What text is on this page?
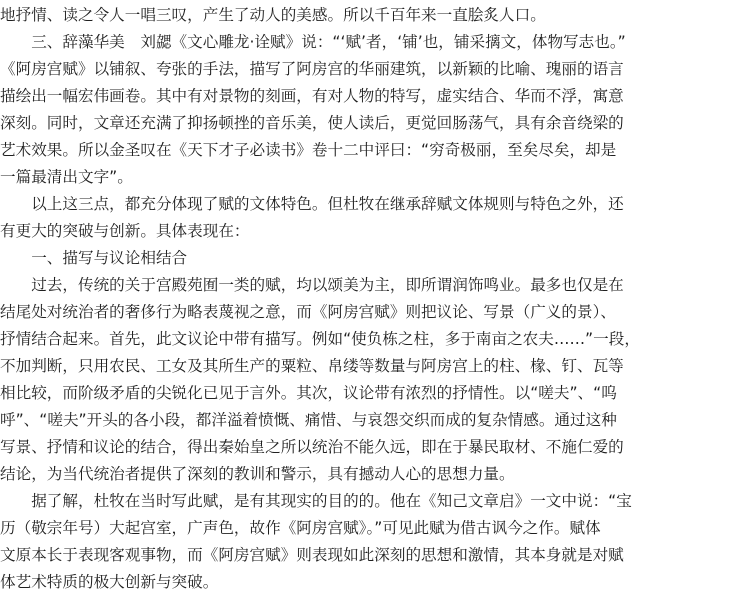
地抒情、读之令人一唱三叹，产生了动人的美感。所以千百年来一直脍炙人口。
　　三、辞藻华美　刘勰《文心雕龙·诠赋》说：“‘赋’者，‘铺’也，铺采摛文，体物写志也。”
《阿房宫赋》以铺叙、夸张的手法，描写了阿房宫的华丽建筑，以新颖的比喻、瑰丽的语言
描绘出一幅宏伟画卷。其中有对景物的刻画，有对人物的特写，虚实结合、华而不浮，寓意
深刻。同时，文章还充满了抑扬顿挫的音乐美，使人读后，更觉回肠荡气，具有余音绕梁的
艺术效果。所以金圣叹在《天下才子必读书》卷十二中评曰：“穷奇极丽，至矣尽矣，却是
一篇最清出文字”。
　　以上这三点，都充分体现了赋的文体特色。但杜牧在继承辞赋文体规则与特色之外，还
有更大的突破与创新。具体表现在：
　　一、描写与议论相结合
　　过去，传统的关于宫殿苑囿一类的赋，均以颂美为主，即所谓润饰鸣业。最多也仅是在
结尾处对统治者的奢侈行为略表蔑视之意，而《阿房宫赋》则把议论、写景（广义的景）、
抒情结合起来。首先，此文议论中带有描写。例如“使负栋之柱，多于南亩之农夫……”一段，
不加判断，只用农民、工女及其所生产的粟粒、帛缕等数量与阿房宫上的柱、椽、钉、瓦等
相比较，而阶级矛盾的尖锐化已见于言外。其次，议论带有浓烈的抒情性。以“嗟夫”、“呜
呼”、“嗟夫”开头的各小段，都洋溢着愤慨、痛惜、与哀怨交织而成的复杂情感。通过这种
写景、抒情和议论的结合，得出秦始皇之所以统治不能久远，即在于暴民取材、不施仁爱的
结论，为当代统治者提供了深刻的教训和警示，具有撼动人心的思想力量。
　　据了解，杜牧在当时写此赋，是有其现实的目的的。他在《知己文章启》一文中说：“宝
历（敬宗年号）大起宫室，广声色，故作《阿房宫赋》。”可见此赋为借古讽今之作。赋体
文原本长于表现客观事物，而《阿房宫赋》则表现如此深刻的思想和激情，其本身就是对赋
体艺术特质的极大创新与突破。
